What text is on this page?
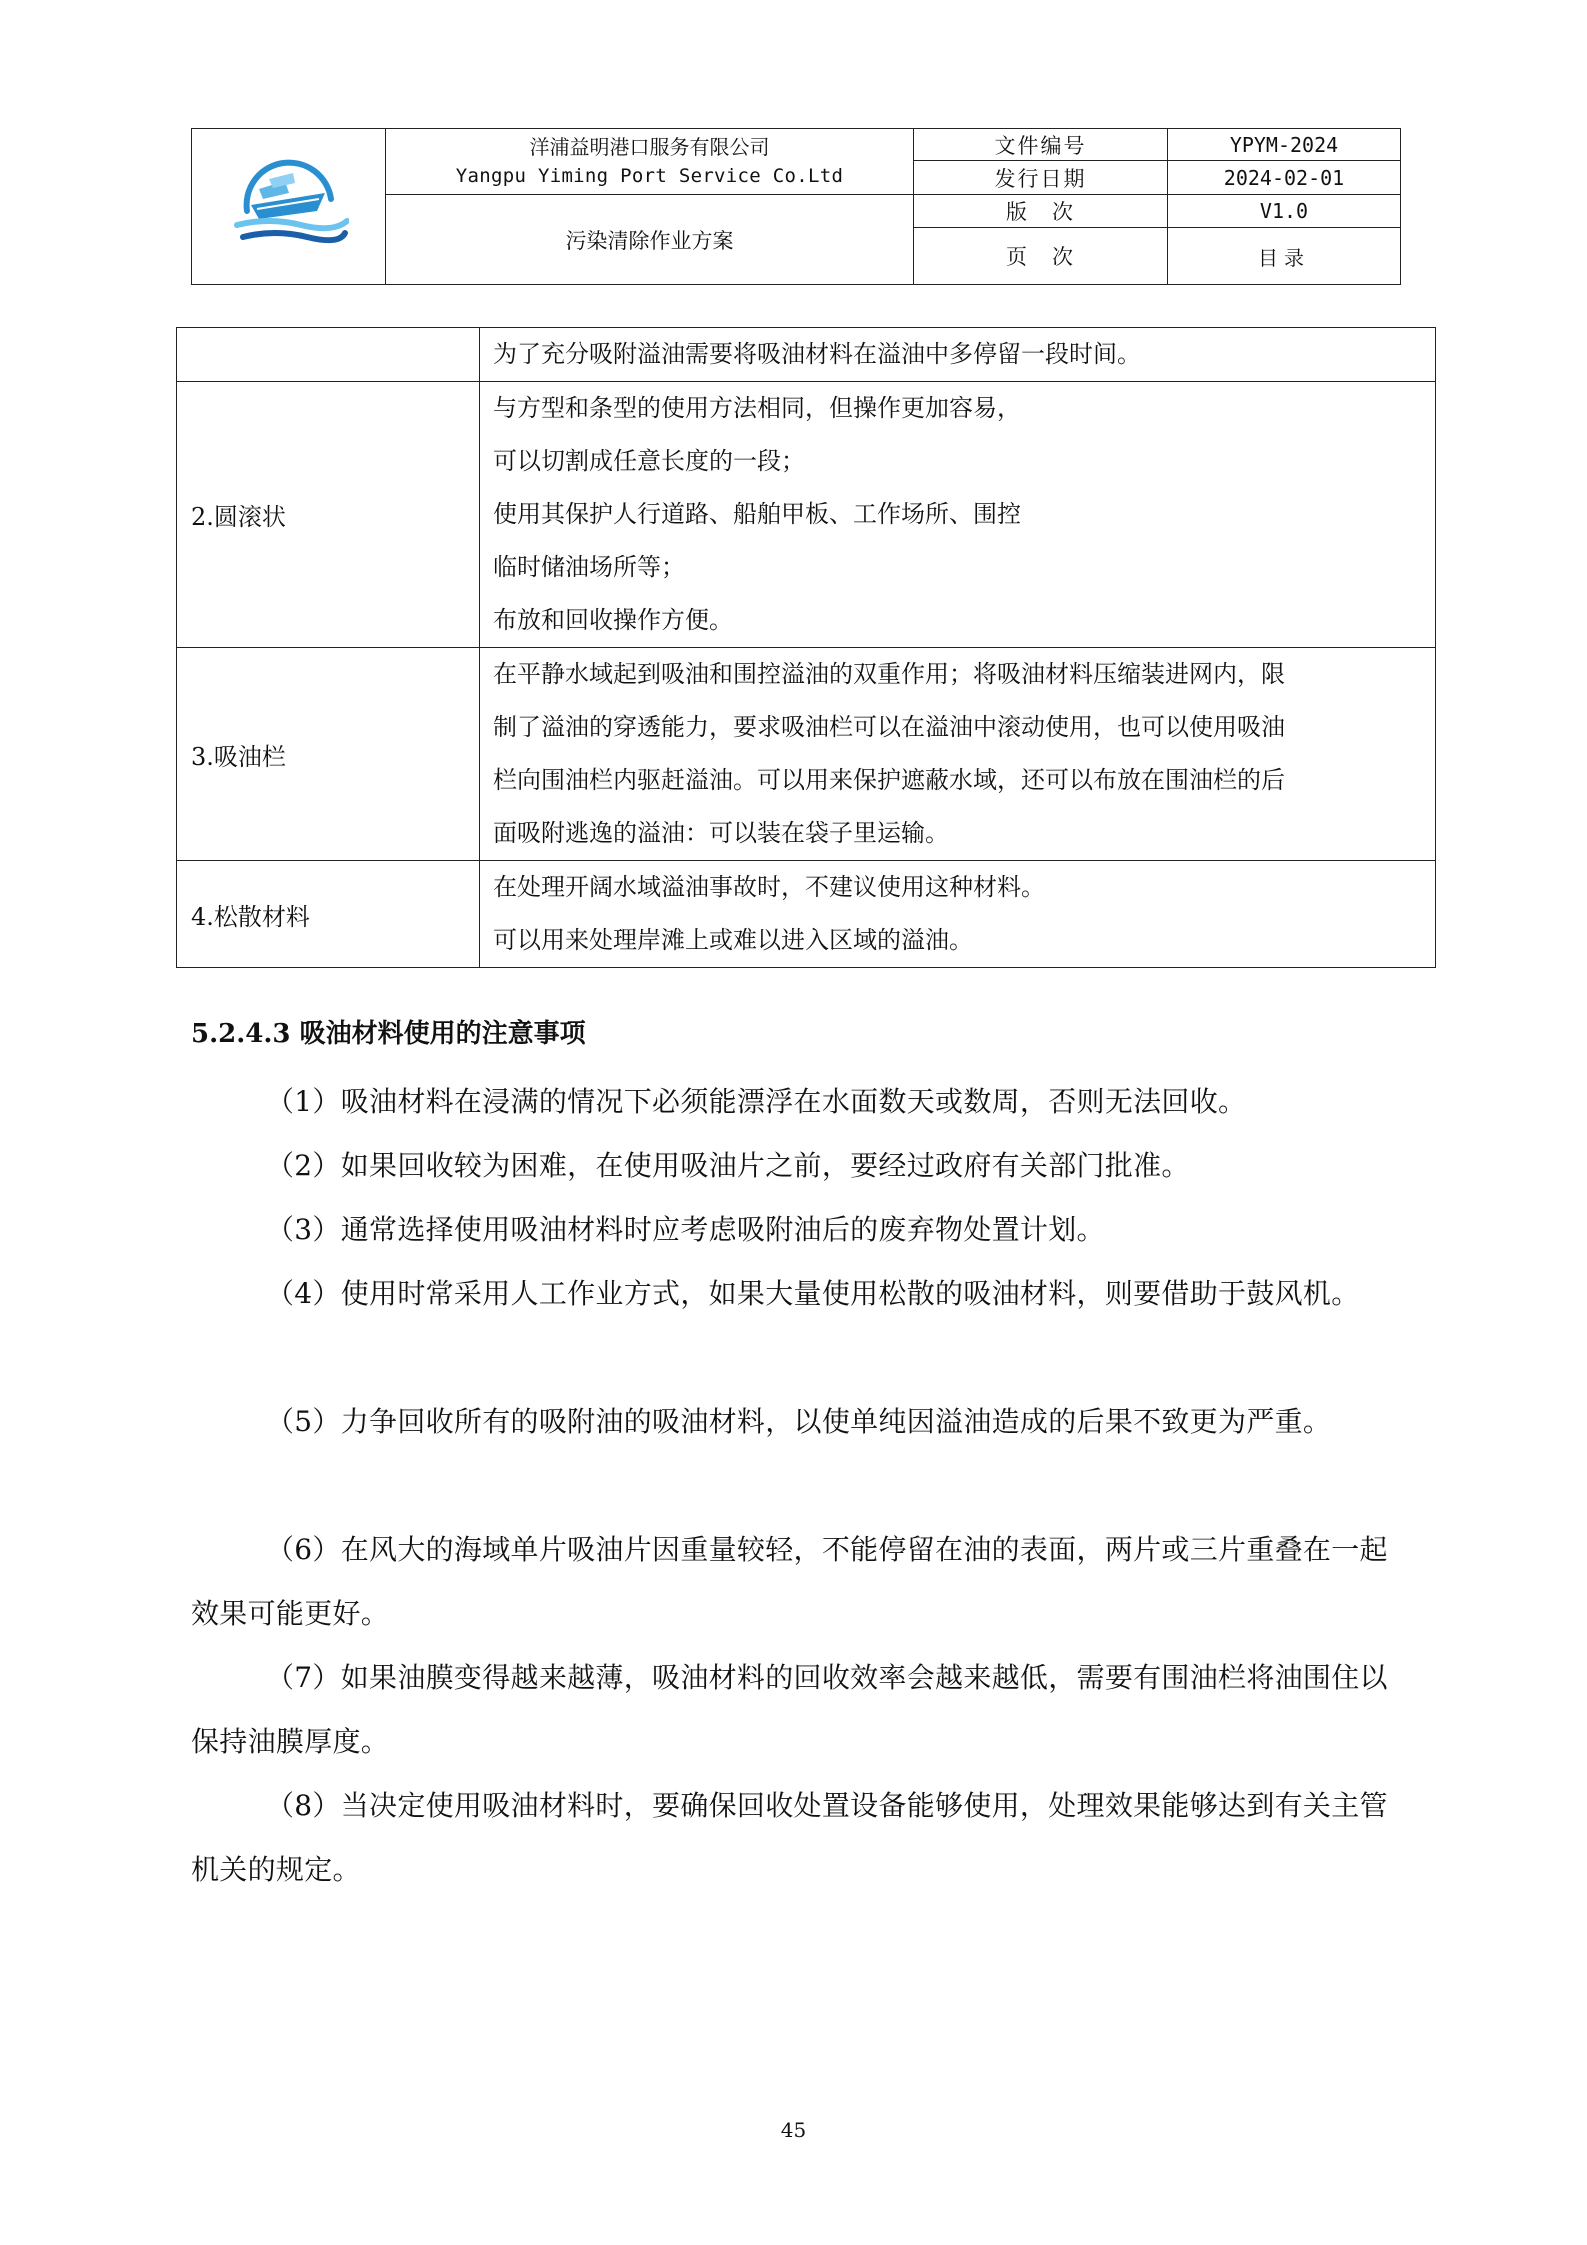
洋浦益明港口服务有限公司
Yangpu Yiming Port Service Co.Ltd
污染清除作业方案
文件编号	YPYM-2024
发行日期	2024-02-01
版　次	V1.0
页　次	目录

	为了充分吸附溢油需要将吸油材料在溢油中多停留一段时间。

2.圆滚状	与方型和条型的使用方法相同，但操作更加容易，
可以切割成任意长度的一段；
使用其保护人行道路、船舶甲板、工作场所、围控
临时储油场所等；
布放和回收操作方便。

3.吸油栏	在平静水域起到吸油和围控溢油的双重作用；将吸油材料压缩装进网内，限
制了溢油的穿透能力，要求吸油栏可以在溢油中滚动使用，也可以使用吸油
栏向围油栏内驱赶溢油。可以用来保护遮蔽水域，还可以布放在围油栏的后
面吸附逃逸的溢油：可以装在袋子里运输。

4.松散材料	在处理开阔水域溢油事故时，不建议使用这种材料。
可以用来处理岸滩上或难以进入区域的溢油。
5.2.4.3 吸油材料使用的注意事项

（1）吸油材料在浸满的情况下必须能漂浮在水面数天或数周，否则无法回收。

（2）如果回收较为困难，在使用吸油片之前，要经过政府有关部门批准。

（3）通常选择使用吸油材料时应考虑吸附油后的废弃物处置计划。

（4）使用时常采用人工作业方式，如果大量使用松散的吸油材料，则要借助于鼓风机。

（5）力争回收所有的吸附油的吸油材料，以使单纯因溢油造成的后果不致更为严重。

（6）在风大的海域单片吸油片因重量较轻，不能停留在油的表面，两片或三片重叠在一起效果可能更好。

（7）如果油膜变得越来越薄，吸油材料的回收效率会越来越低，需要有围油栏将油围住以保持油膜厚度。

（8）当决定使用吸油材料时，要确保回收处置设备能够使用，处理效果能够达到有关主管机关的规定。

45
